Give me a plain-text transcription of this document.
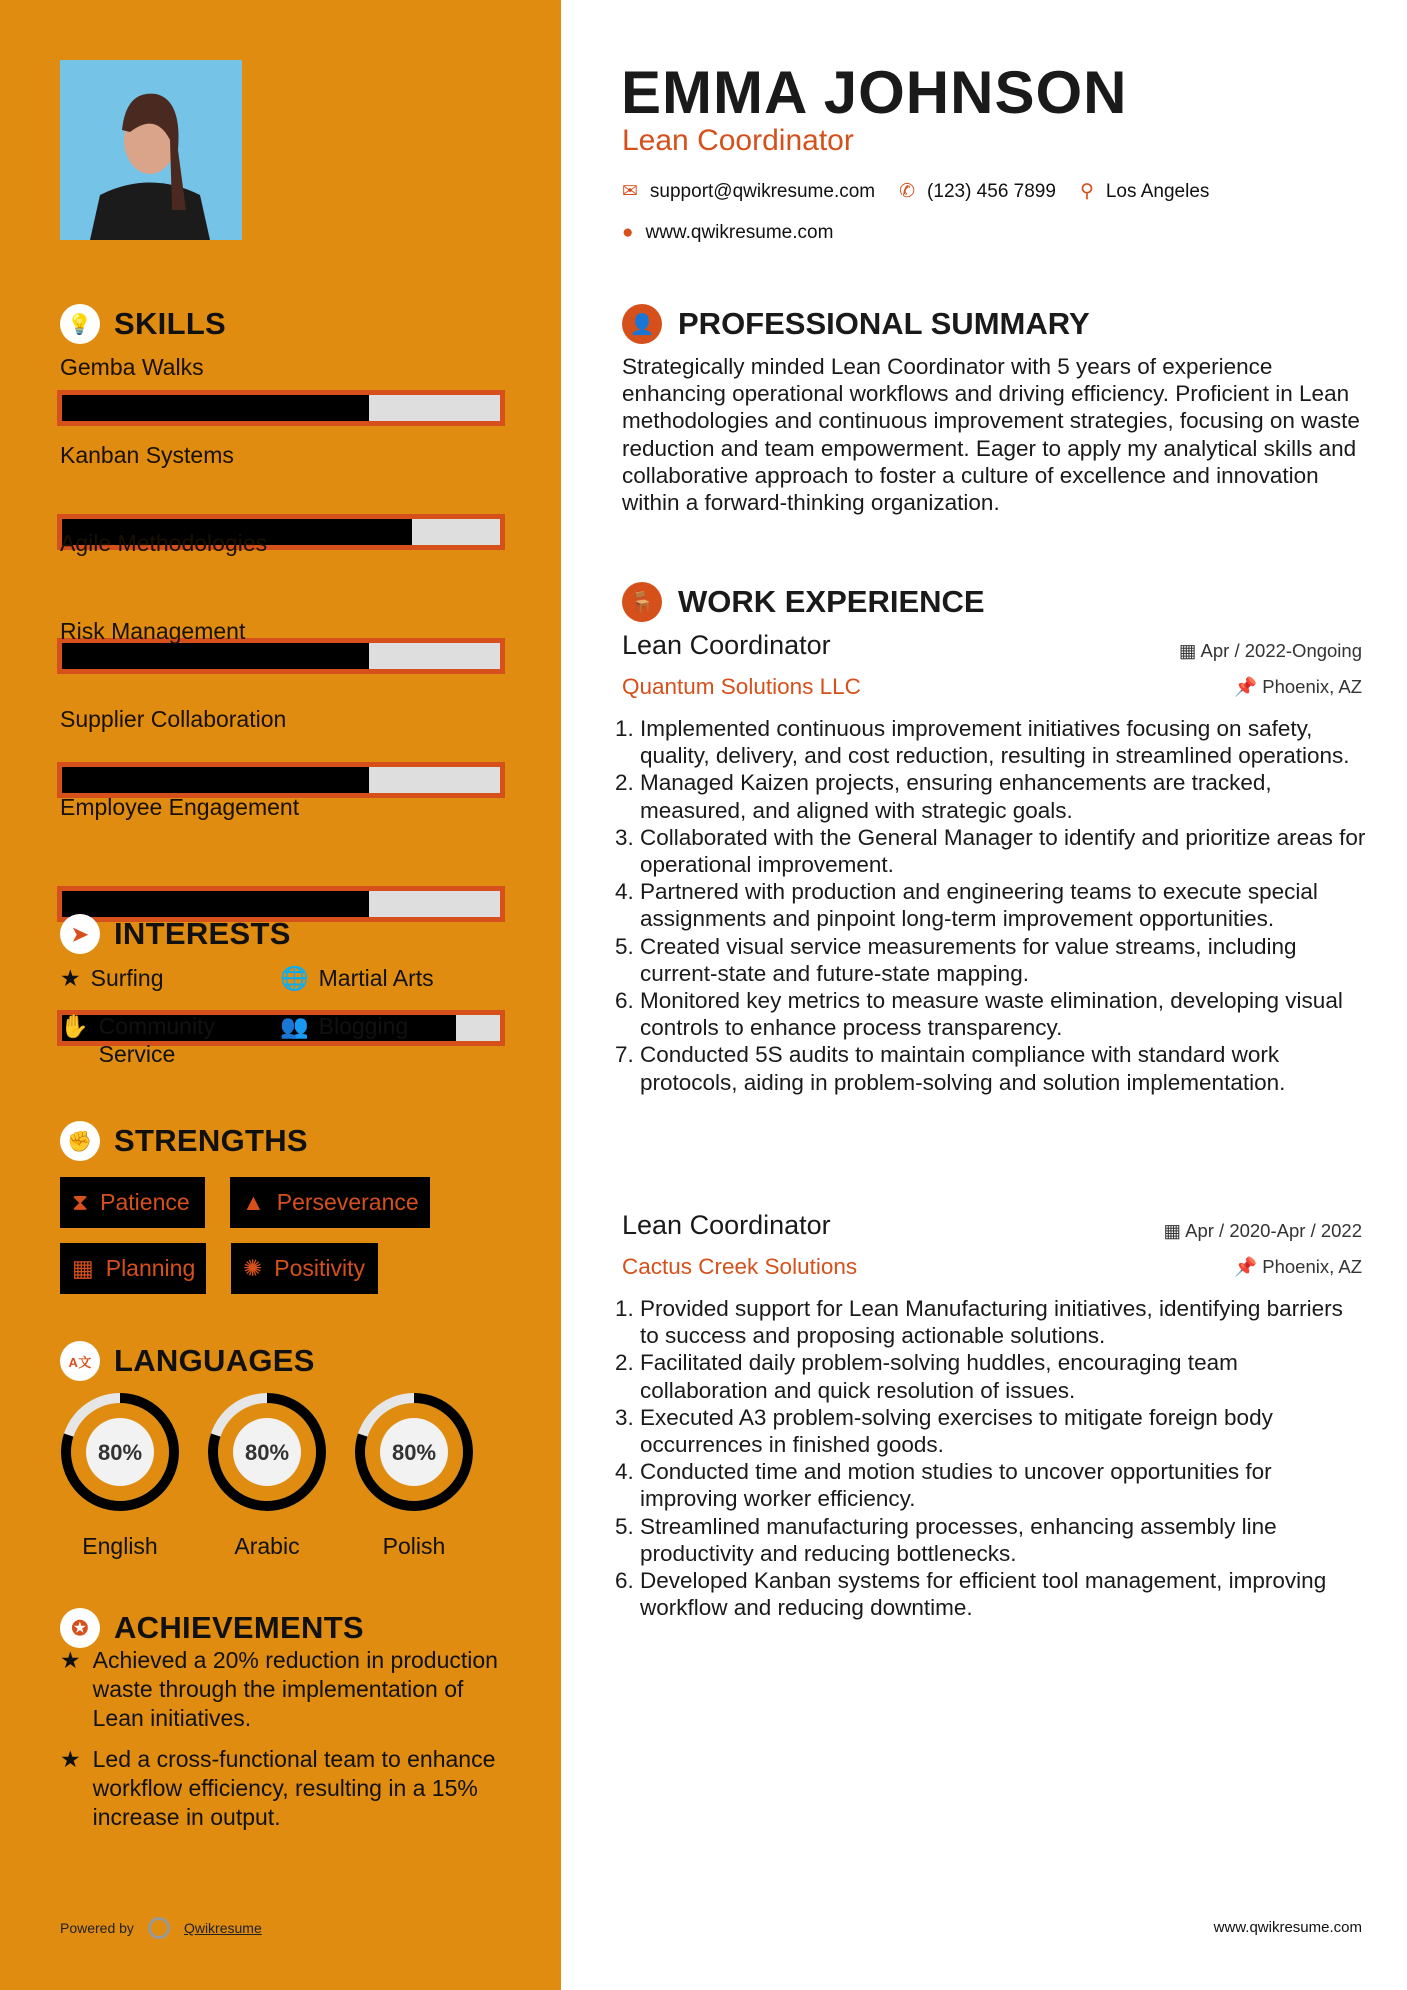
💡 SKILLS
Gemba Walks
Kanban Systems
Agile Methodologies
Risk Management
Supplier Collaboration
Employee Engagement
➤ INTERESTS
★ Surfing	🌐 Martial Arts
✋ Community Service
👥 Blogging
✊ STRENGTHS
⧗ Patience ▲ Perseverance
▦ Planning ✺ Positivity
A文 LANGUAGES
80%
English
80%
Arabic
80%
Polish
✪ ACHIEVEMENTS
★ Achieved a 20% reduction in production waste through the implementation of Lean initiatives.
★ Led a cross-functional team to enhance workflow efficiency, resulting in a 15% increase in output.
Powered by	Qwikresume
EMMA JOHNSON
Lean Coordinator
✉ support@qwikresume.com ✆ (123) 456 7899 ⚲ Los Angeles
● www.qwikresume.com
👤 PROFESSIONAL SUMMARY
Strategically minded Lean Coordinator with 5 years of experience enhancing operational workflows and driving efficiency. Proficient in Lean methodologies and continuous improvement strategies, focusing on waste reduction and team empowerment. Eager to apply my analytical skills and collaborative approach to foster a culture of excellence and innovation within a forward-thinking organization.
🪑 WORK EXPERIENCE
Lean Coordinator	▦ Apr / 2022-Ongoing
Quantum Solutions LLC	📌 Phoenix, AZ
1. Implemented continuous improvement initiatives focusing on safety, quality, delivery, and cost reduction, resulting in streamlined operations.
2. Managed Kaizen projects, ensuring enhancements are tracked, measured, and aligned with strategic goals.
3. Collaborated with the General Manager to identify and prioritize areas for operational improvement.
4. Partnered with production and engineering teams to execute special assignments and pinpoint long-term improvement opportunities.
5. Created visual service measurements for value streams, including current-state and future-state mapping.
6. Monitored key metrics to measure waste elimination, developing visual controls to enhance process transparency.
7. Conducted 5S audits to maintain compliance with standard work protocols, aiding in problem-solving and solution implementation.
Lean Coordinator	▦ Apr / 2020-Apr / 2022
Cactus Creek Solutions	📌 Phoenix, AZ
1. Provided support for Lean Manufacturing initiatives, identifying barriers to success and proposing actionable solutions.
2. Facilitated daily problem-solving huddles, encouraging team collaboration and quick resolution of issues.
3. Executed A3 problem-solving exercises to mitigate foreign body occurrences in finished goods.
4. Conducted time and motion studies to uncover opportunities for improving worker efficiency.
5. Streamlined manufacturing processes, enhancing assembly line productivity and reducing bottlenecks.
6. Developed Kanban systems for efficient tool management, improving workflow and reducing downtime.
www.qwikresume.com
